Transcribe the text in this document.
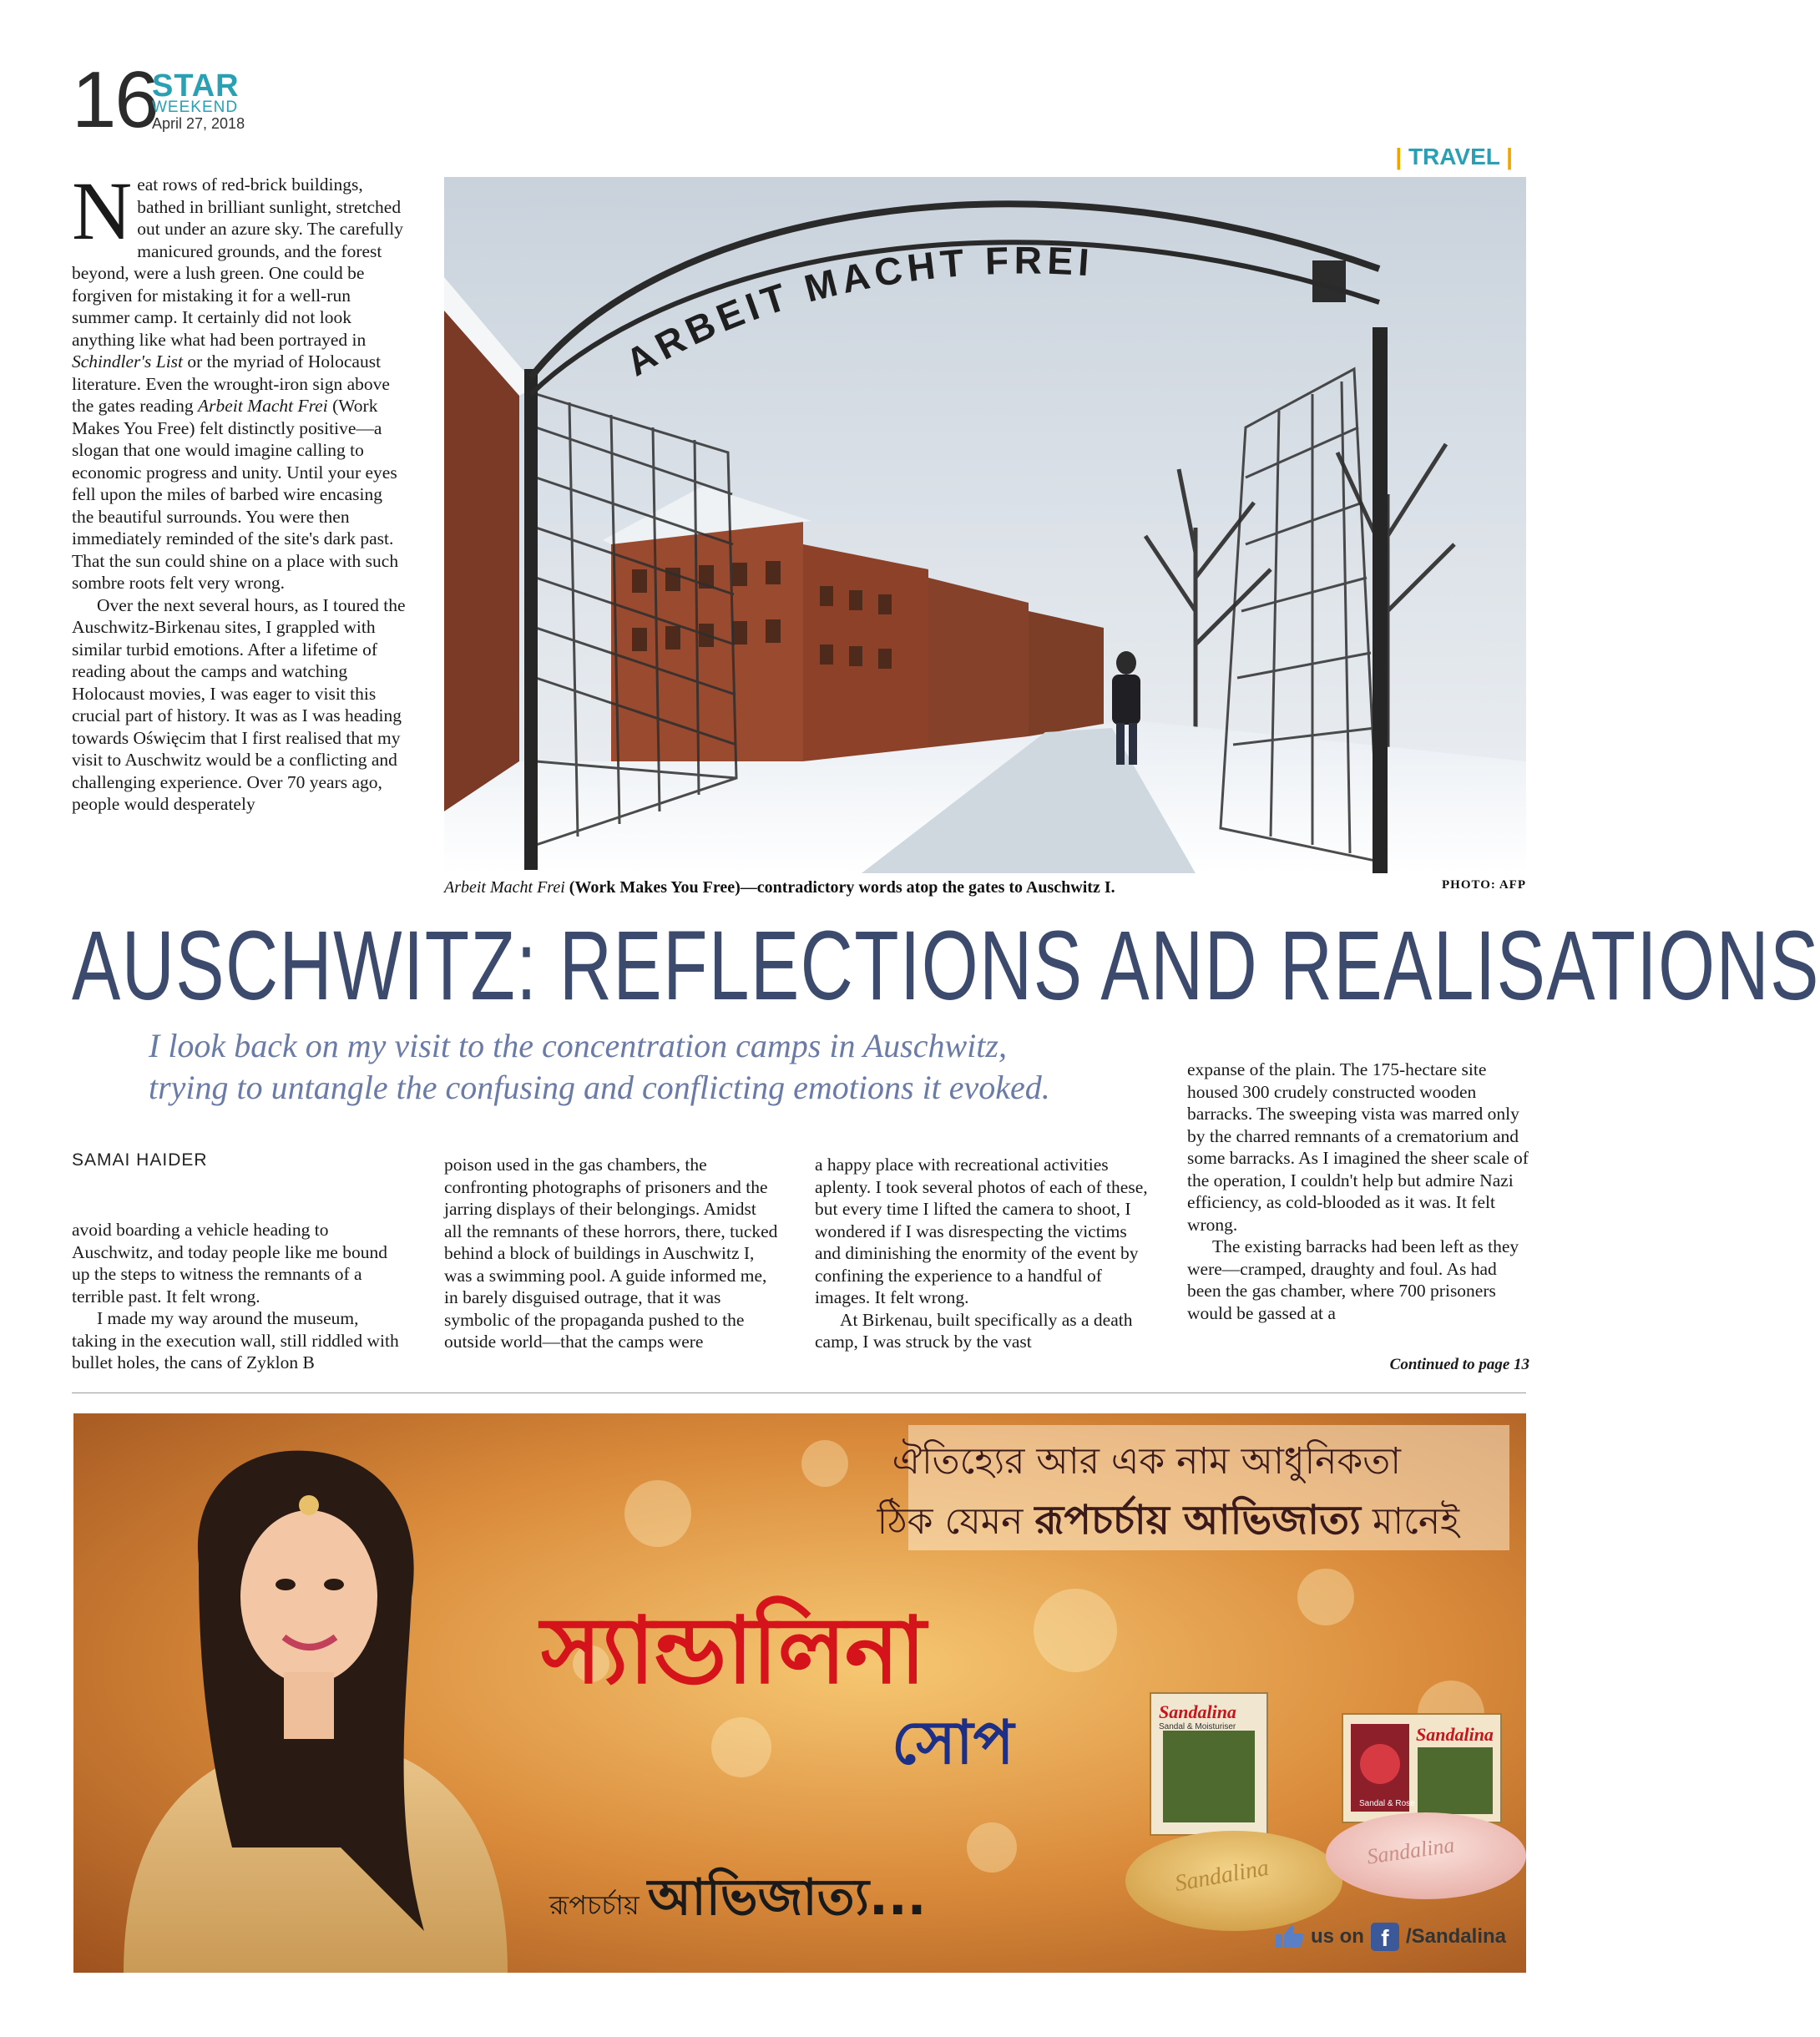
16
STAR
WEEKEND
April 27, 2018
| TRAVEL |

Neat rows of red-brick buildings, bathed in brilliant sunlight, stretched out under an azure sky. The carefully manicured grounds, and the forest beyond, were a lush green. One could be forgiven for mistaking it for a well-run summer camp. It certainly did not look anything like what had been portrayed in Schindler's List or the myriad of Holocaust literature. Even the wrought-iron sign above the gates reading Arbeit Macht Frei (Work Makes You Free) felt distinctly positive—a slogan that one would imagine calling to economic progress and unity. Until your eyes fell upon the miles of barbed wire encasing the beautiful surrounds. You were then immediately reminded of the site's dark past. That the sun could shine on a place with such sombre roots felt very wrong.

Over the next several hours, as I toured the Auschwitz-Birkenau sites, I grappled with similar turbid emotions. After a lifetime of reading about the camps and watching Holocaust movies, I was eager to visit this crucial part of history. It was as I was heading towards Oświęcim that I first realised that my visit to Auschwitz would be a conflicting and challenging experience. Over 70 years ago, people would desperately

ARBEIT MACHT FREI
Arbeit Macht Frei (Work Makes You Free)—contradictory words atop the gates to Auschwitz I.	PHOTO: AFP
AUSCHWITZ: REFLECTIONS AND REALISATIONS
I look back on my visit to the concentration camps in Auschwitz,
trying to untangle the confusing and conflicting emotions it evoked.
SAMAI HAIDER

avoid boarding a vehicle heading to Auschwitz, and today people like me bound up the steps to witness the remnants of a terrible past. It felt wrong.

I made my way around the museum, taking in the execution wall, still riddled with bullet holes, the cans of Zyklon B

poison used in the gas chambers, the confronting photographs of prisoners and the jarring displays of their belongings. Amidst all the remnants of these horrors, there, tucked behind a block of buildings in Auschwitz I, was a swimming pool. A guide informed me, in barely disguised outrage, that it was symbolic of the propaganda pushed to the outside world—that the camps were

a happy place with recreational activities aplenty. I took several photos of each of these, but every time I lifted the camera to shoot, I wondered if I was disrespecting the victims and diminishing the enormity of the event by confining the experience to a handful of images. It felt wrong.

At Birkenau, built specifically as a death camp, I was struck by the vast

expanse of the plain. The 175-hectare site housed 300 crudely constructed wooden barracks. The sweeping vista was marred only by the charred remnants of a crematorium and some barracks. As I imagined the sheer scale of the operation, I couldn't help but admire Nazi efficiency, as cold-blooded as it was. It felt wrong.

The existing barracks had been left as they were—cramped, draughty and foul. As had been the gas chamber, where 700 prisoners would be gassed at a

Continued to page 13
Sandalina
Sandal & Moisturiser	Sandalina
Sandal & Rose
Sandalina
Sandalina
ঐতিহ্যের আর এক নাম আধুনিকতা
ঠিক যেমন রূপচর্চায় আভিজাত্য মানেই
স্যান্ডালিনা
সোপ
রূপচর্চায় আভিজাত্য...
us on f /Sandalina
